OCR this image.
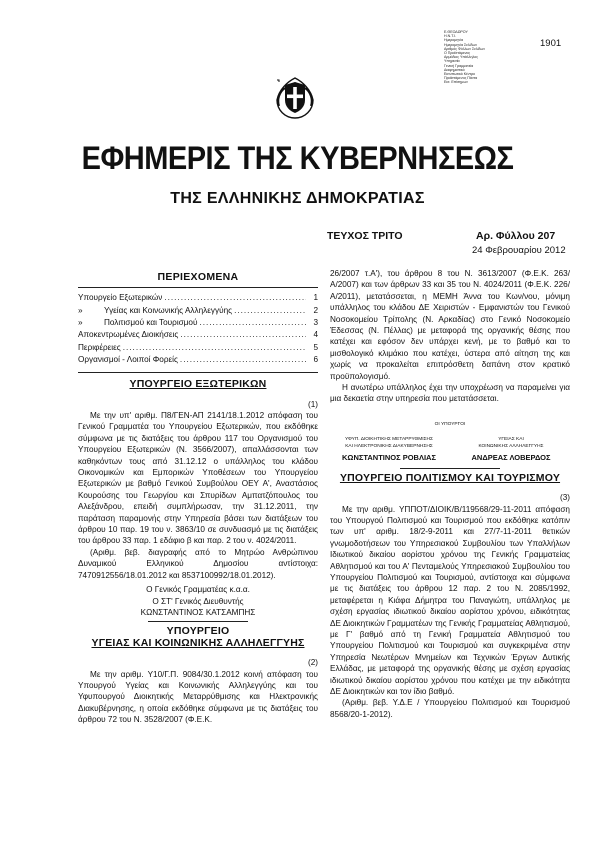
Ε.ΘΕΟΔΩΡΟΥ
Η.Ν.Τ.Ι.
Ημερομηνία
Ημερομηνία Σελίδων
Αριθμός Φύλλων Σελίδων
Ο Προϊστάμενος
Αρμόδιος Υπάλληλος
Υπηρεσία
Γενική Γραμματεία
Διαφημιστικό
Εκτυπωτικό Κέντρο
Προϊστάμενος Πάντα
Εισ. Επίσημων
1901
ΕΦΗΜΕΡΙΣ ΤΗΣ ΚΥΒΕΡΝΗΣΕΩΣ
ΤΗΣ ΕΛΛΗΝΙΚΗΣ ΔΗΜΟΚΡΑΤΙΑΣ
ΤΕΥΧΟΣ ΤΡΙΤΟ	Αρ. Φύλλου 207
24 Φεβρουαρίου 2012
ΠΕΡΙΕΧΟΜΕΝΑ
Υπουργείο Εξωτερικών .....	1
»	Υγείας και Κοινωνικής Αλληλεγγύης .....	2
»	Πολιτισμού και Τουρισμού .....	3
Αποκεντρωμένες Διοικήσεις .....	4
Περιφέρειες .....	5
Οργανισμοί - Λοιποί Φορείς .....	6
ΥΠΟΥΡΓΕΙΟ ΕΞΩΤΕΡΙΚΩΝ
(1)

Με την υπ' αριθμ. Π8/ΓΕΝ-ΑΠ 2141/18.1.2012 απόφαση του Γενικού Γραμματέα του Υπουργείου Εξωτερικών, που εκδόθηκε σύμφωνα με τις διατάξεις του άρθρου 117 του Οργανισμού του Υπουργείου Εξωτερικών (Ν. 3566/2007), απαλλάσσονται των καθηκόντων τους από 31.12.12 ο υπάλληλος του κλάδου Οικονομικών και Εμπορικών Υποθέσεων του Υπουργείου Εξωτερικών με βαθμό Γενικού Συμβούλου ΟΕΥ Α', Αναστάσιος Κουρούσης του Γεωργίου και Σπυρίδων Αμπατζόπουλος του Αλεξάνδρου, επειδή συμπλήρωσαν, την 31.12.2011, την παράταση παραμονής στην Υπηρεσία βάσει των διατάξεων του άρθρου 10 παρ. 19 του ν. 3863/10 σε συνδυασμό με τις διατάξεις του άρθρου 33 παρ. 1 εδάφιο β και παρ. 2 του ν. 4024/2011.

(Αριθμ. βεβ. διαγραφής από το Μητρώο Ανθρώπινου Δυναμικού Ελληνικού Δημοσίου αντίστοιχα: 7470912556/18.01.2012 και 8537100992/18.01.2012).

Ο Γενικός Γραμματέας κ.α.α.

Ο ΣΤ' Γενικός Διευθυντής

ΚΩΝΣΤΑΝΤΙΝΟΣ ΚΑΤΣΑΜΠΗΣ

ΥΠΟΥΡΓΕΙΟ
ΥΓΕΙΑΣ ΚΑΙ ΚΟΙΝΩΝΙΚΗΣ ΑΛΛΗΛΕΓΓΥΗΣ
(2)

Με την αριθμ. Υ10/Γ.Π. 9084/30.1.2012 κοινή απόφαση του Υπουργού Υγείας και Κοινωνικής Αλληλεγγύης και του Υφυπουργού Διοικητικής Μεταρρύθμισης και Ηλεκτρονικής Διακυβέρνησης, η οποία εκδόθηκε σύμφωνα με τις διατάξεις του άρθρου 72 του Ν. 3528/2007 (Φ.Ε.Κ.

26/2007 τ.Α'), του άρθρου 8 του Ν. 3613/2007 (Φ.Ε.Κ. 263/Α/2007) και των άρθρων 33 και 35 του Ν. 4024/2011 (Φ.Ε.Κ. 226/Α/2011), μετατάσσεται, η ΜΕΜΗ Άννα του Κων/νου, μόνιμη υπάλληλος του κλάδου ΔΕ Χειριστών - Εμφανιστών του Γενικού Νοσοκομείου Τρίπολης (Ν. Αρκαδίας) στο Γενικό Νοσοκομείο Έδεσσας (Ν. Πέλλας) με μεταφορά της οργανικής θέσης που κατέχει και εφόσον δεν υπάρχει κενή, με το βαθμό και το μισθολογικό κλιμάκιο που κατέχει, ύστερα από αίτηση της και χωρίς να προκαλείται επιπρόσθετη δαπάνη στον κρατικό προϋπολογισμό.

Η ανωτέρω υπάλληλος έχει την υποχρέωση να παραμείνει για μια δεκαετία στην υπηρεσία που μετατάσσεται.

ΟΙ ΥΠΟΥΡΓΟΙ
ΥΦΥΠ. ΔΙΟΙΚΗΤΙΚΗΣ ΜΕΤΑΡΡΥΘΜΙΣΗΣ
ΚΑΙ ΗΛΕΚΤΡΟΝΙΚΗΣ ΔΙΑΚΥΒΕΡΝΗΣΗΣ
ΚΩΝΣΤΑΝΤΙΝΟΣ ΡΟΒΛΙΑΣ
ΥΓΕΙΑΣ ΚΑΙ
ΚΟΙΝΩΝΙΚΗΣ ΑΛΛΗΛΕΓΓΥΗΣ
ΑΝΔΡΕΑΣ ΛΟΒΕΡΔΟΣ
ΥΠΟΥΡΓΕΙΟ ΠΟΛΙΤΙΣΜΟΥ ΚΑΙ ΤΟΥΡΙΣΜΟΥ
(3)

Με την αριθμ. ΥΠΠΟΤ/ΔΙΟΙΚ/Β/119568/29-11-2011 απόφαση του Υπουργού Πολιτισμού και Τουρισμού που εκδόθηκε κατόπιν των υπ' αριθμ. 18/2-9-2011 και 27/7-11-2011 θετικών γνωμοδοτήσεων του Υπηρεσιακού Συμβουλίου των Υπαλλήλων Ιδιωτικού δικαίου αορίστου χρόνου της Γενικής Γραμματείας Αθλητισμού και του Α' Πενταμελούς Υπηρεσιακού Συμβουλίου του Υπουργείου Πολιτισμού και Τουρισμού, αντίστοιχα και σύμφωνα με τις διατάξεις του άρθρου 12 παρ. 2 του Ν. 2085/1992, μεταφέρεται η Κιάφα Δήμητρα του Παναγιώτη, υπάλληλος με σχέση εργασίας ιδιωτικού δικαίου αορίστου χρόνου, ειδικότητας ΔΕ Διοικητικών Γραμματέων της Γενικής Γραμματείας Αθλητισμού, με Γ' βαθμό από τη Γενική Γραμματεία Αθλητισμού του Υπουργείου Πολιτισμού και Τουρισμού και συγκεκριμένα στην Υπηρεσία Νεωτέρων Μνημείων και Τεχνικών Έργων Δυτικής Ελλάδας, με μεταφορά της οργανικής θέσης με σχέση εργασίας ιδιωτικού δικαίου αορίστου χρόνου που κατέχει με την ειδικότητα ΔΕ Διοικητικών και τον ίδιο βαθμό.

(Αριθμ. βεβ. Υ.Δ.Ε / Υπουργείου Πολιτισμού και Τουρισμού 8568/20-1-2012).
